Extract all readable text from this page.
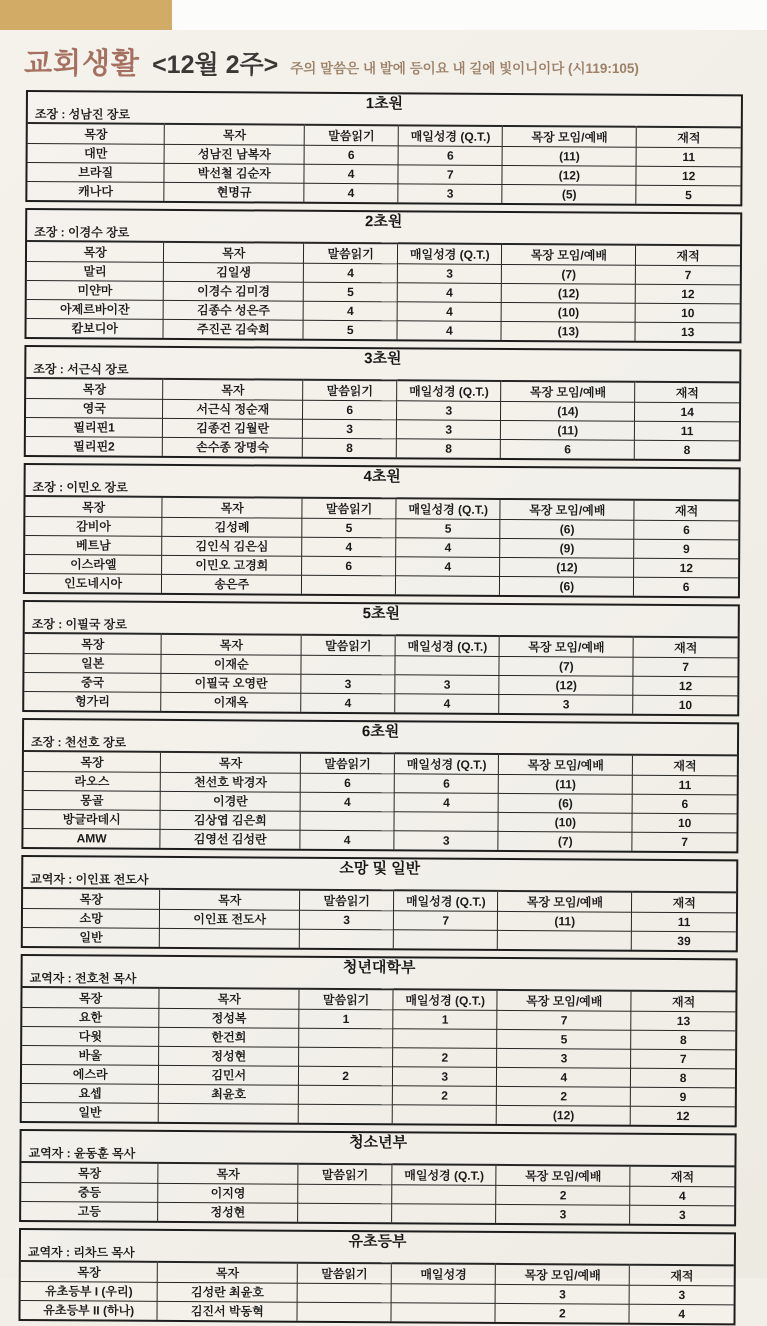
교회생활 <12월 2주> 주의 말씀은 내 발에 등이요 내 길에 빛이니이다 (시119:105)
1초원
조장 : 성남진 장로
목장	목자	말씀읽기	매일성경 (Q.T.)	목장 모임/예배	재적
대만	성남진 남복자	6	6	(11)	11
브라질	박선철 김순자	4	7	(12)	12
캐나다	현명규	4	3	(5)	5
2초원
조장 : 이경수 장로
목장	목자	말씀읽기	매일성경 (Q.T.)	목장 모임/예배	재적
말리	김일생	4	3	(7)	7
미얀마	이경수 김미경	5	4	(12)	12
아제르바이잔	김종수 성은주	4	4	(10)	10
캄보디아	주진곤 김숙희	5	4	(13)	13
3초원
조장 : 서근식 장로
목장	목자	말씀읽기	매일성경 (Q.T.)	목장 모임/예배	재적
영국	서근식 정순재	6	3	(14)	14
필리핀1	김종건 김월란	3	3	(11)	11
필리핀2	손수종 장명숙	8	8	6	8
4초원
조장 : 이민오 장로
목장	목자	말씀읽기	매일성경 (Q.T.)	목장 모임/예배	재적
감비아	김성례	5	5	(6)	6
베트남	김인식 김은심	4	4	(9)	9
이스라엘	이민오 고경희	6	4	(12)	12
인도네시아	송은주			(6)	6
5초원
조장 : 이필국 장로
목장	목자	말씀읽기	매일성경 (Q.T.)	목장 모임/예배	재적
일본	이재순			(7)	7
중국	이필국 오영란	3	3	(12)	12
헝가리	이재옥	4	4	3	10
6초원
조장 : 천선호 장로
목장	목자	말씀읽기	매일성경 (Q.T.)	목장 모임/예배	재적
라오스	천선호 박경자	6	6	(11)	11
몽골	이경란	4	4	(6)	6
방글라데시	김상엽 김은희			(10)	10
AMW	김영선 김성란	4	3	(7)	7
소망 및 일반
교역자 : 이인표 전도사
목장	목자	말씀읽기	매일성경 (Q.T.)	목장 모임/예배	재적
소망	이인표 전도사	3	7	(11)	11
일반					39
청년대학부
교역자 : 전호천 목사
목장	목자	말씀읽기	매일성경 (Q.T.)	목장 모임/예배	재적
요한	정성복	1	1	7	13
다윗	한건희			5	8
바울	정성현		2	3	7
에스라	김민서	2	3	4	8
요셉	최윤호		2	2	9
일반				(12)	12
청소년부
교역자 : 윤동훈 목사
목장	목자	말씀읽기	매일성경 (Q.T.)	목장 모임/예배	재적
중등	이지영			2	4
고등	정성현			3	3
유초등부
교역자 : 리차드 목사
목장	목자	말씀읽기	매일성경	목장 모임/예배	재적
유초등부 I (우리)	김성란 최윤호			3	3
유초등부 II (하나)	김진서 박동혁			2	4
